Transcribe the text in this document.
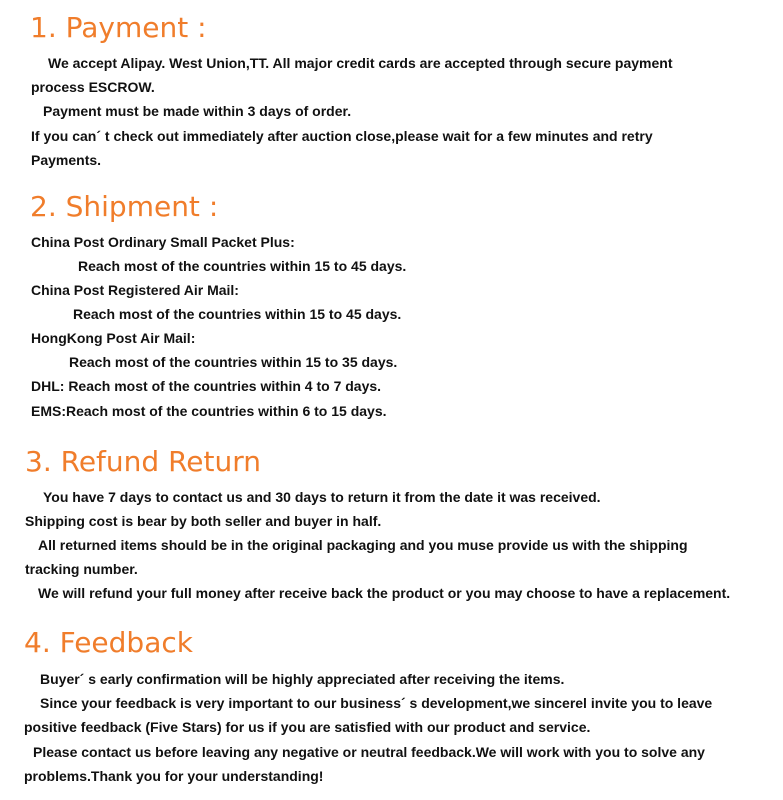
1. Payment :

We accept Alipay. West Union,TT. All major credit cards are accepted through secure payment

process ESCROW.

Payment must be made within 3 days of order.

If you can´ t check out immediately after auction close,please wait for a few minutes and retry

Payments.

2. Shipment :

China Post Ordinary Small Packet Plus:

Reach most of the countries within 15 to 45 days.

China Post Registered Air Mail:

Reach most of the countries within 15 to 45 days.

HongKong Post Air Mail:

Reach most of the countries within 15 to 35 days.

DHL: Reach most of the countries within 4 to 7 days.

EMS:Reach most of the countries within 6 to 15 days.

3. Refund Return

You have 7 days to contact us and 30 days to return it from the date it was received.

Shipping cost is bear by both seller and buyer in half.

All returned items should be in the original packaging and you muse provide us with the shipping

tracking number.

We will refund your full money after receive back the product or you may choose to have a replacement.

4. Feedback

Buyer´ s early confirmation will be highly appreciated after receiving the items.

Since your feedback is very important to our business´ s development,we sincerel invite you to leave

positive feedback (Five Stars) for us if you are satisfied with our product and service.

Please contact us before leaving any negative or neutral feedback.We will work with you to solve any

problems.Thank you for your understanding!
